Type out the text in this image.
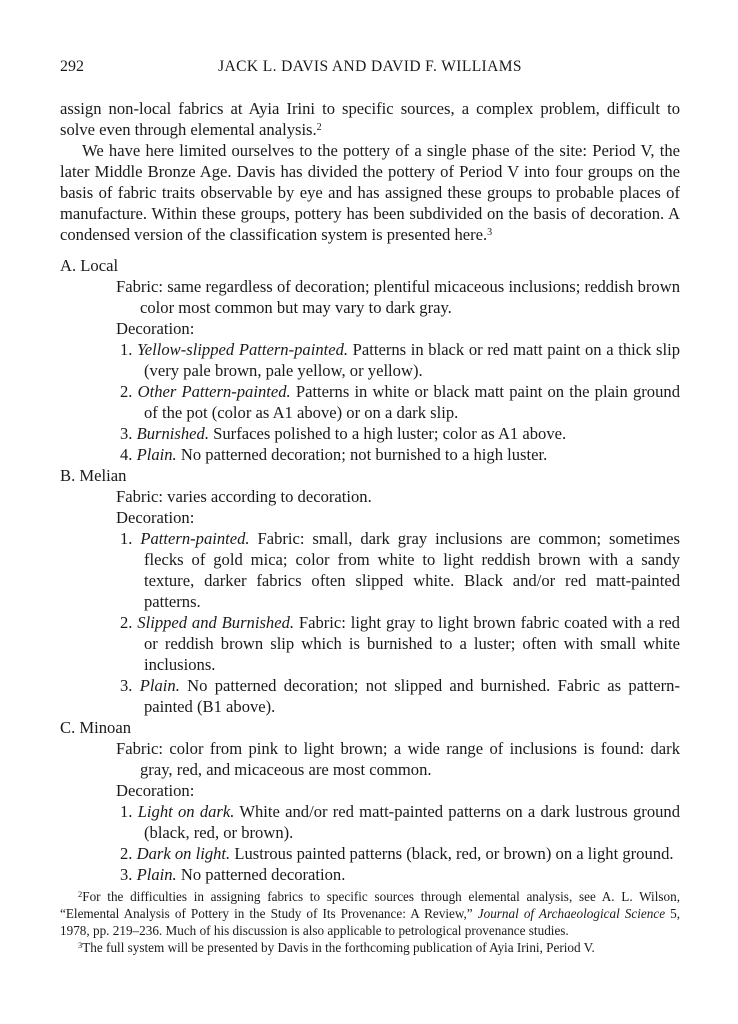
292	JACK L. DAVIS AND DAVID F. WILLIAMS

assign non-local fabrics at Ayia Irini to specific sources, a complex problem, difficult to solve even through elemental analysis.$^2$

We have here limited ourselves to the pottery of a single phase of the site: Period V, the later Middle Bronze Age. Davis has divided the pottery of Period V into four groups on the basis of fabric traits observable by eye and has assigned these groups to probable places of manufacture. Within these groups, pottery has been subdivided on the basis of decoration. A condensed version of the classification system is presented here.$^3$

A. Local

Fabric: same regardless of decoration; plentiful micaceous inclusions; reddish brown color most common but may vary to dark gray.

Decoration:

1. Yellow-slipped Pattern-painted. Patterns in black or red matt paint on a thick slip (very pale brown, pale yellow, or yellow).

2. Other Pattern-painted. Patterns in white or black matt paint on the plain ground of the pot (color as A1 above) or on a dark slip.

3. Burnished. Surfaces polished to a high luster; color as A1 above.

4. Plain. No patterned decoration; not burnished to a high luster.

B. Melian

Fabric: varies according to decoration.

Decoration:

1. Pattern-painted. Fabric: small, dark gray inclusions are common; sometimes flecks of gold mica; color from white to light reddish brown with a sandy texture, darker fabrics often slipped white. Black and/or red matt-painted patterns.

2. Slipped and Burnished. Fabric: light gray to light brown fabric coated with a red or reddish brown slip which is burnished to a luster; often with small white inclusions.

3. Plain. No patterned decoration; not slipped and burnished. Fabric as pattern-painted (B1 above).

C. Minoan

Fabric: color from pink to light brown; a wide range of inclusions is found: dark gray, red, and micaceous are most common.

Decoration:

1. Light on dark. White and/or red matt-painted patterns on a dark lustrous ground (black, red, or brown).

2. Dark on light. Lustrous painted patterns (black, red, or brown) on a light ground.

3. Plain. No patterned decoration.

$^2$For the difficulties in assigning fabrics to specific sources through elemental analysis, see A. L. Wilson, “Elemental Analysis of Pottery in the Study of Its Provenance: A Review,” Journal of Archaeological Science 5, 1978, pp. 219–236. Much of his discussion is also applicable to petrological provenance studies.

$^3$The full system will be presented by Davis in the forthcoming publication of Ayia Irini, Period V.
